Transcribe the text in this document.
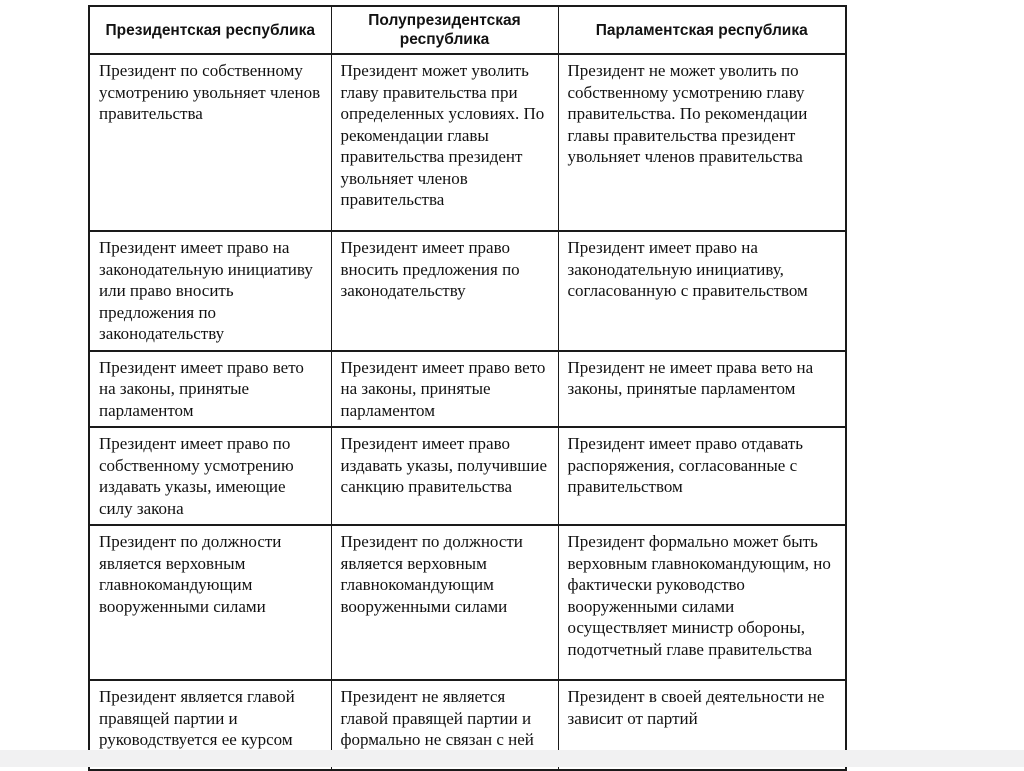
Президентская республика	Полупрезидентская республика	Парламентская республика
Президент по собственному усмотрению увольняет членов правительства	Президент может уволить главу правительства при определенных условиях. По рекомендации главы правительства президент увольняет членов правительства	Президент не может уволить по собственному усмотрению главу правительства. По рекомендации главы правительства президент увольняет членов правительства
Президент имеет право на законодательную инициативу или право вносить предложения по законодательству	Президент имеет право вносить предложения по законодательству	Президент имеет право на законодательную инициативу, согласованную с правительством
Президент имеет право вето на законы, принятые парламентом	Президент имеет право вето на законы, принятые парламентом	Президент не имеет права вето на законы, принятые парламентом
Президент имеет право по собственному усмотрению издавать указы, имеющие силу закона	Президент имеет право издавать указы, получившие санкцию правительства	Президент имеет право отдавать распоряжения, согласованные с правительством
Президент по должности является верховным главнокомандующим вооруженными силами	Президент по должности является верховным главнокомандующим вооруженными силами	Президент формально может быть верховным главнокомандующим, но фактически руководство вооруженными силами осуществляет министр обороны, подотчетный главе правительства
Президент является главой правящей партии и руководствуется ее курсом	Президент не является главой правящей партии и формально не связан с ней	Президент в своей деятельности не зависит от партий
